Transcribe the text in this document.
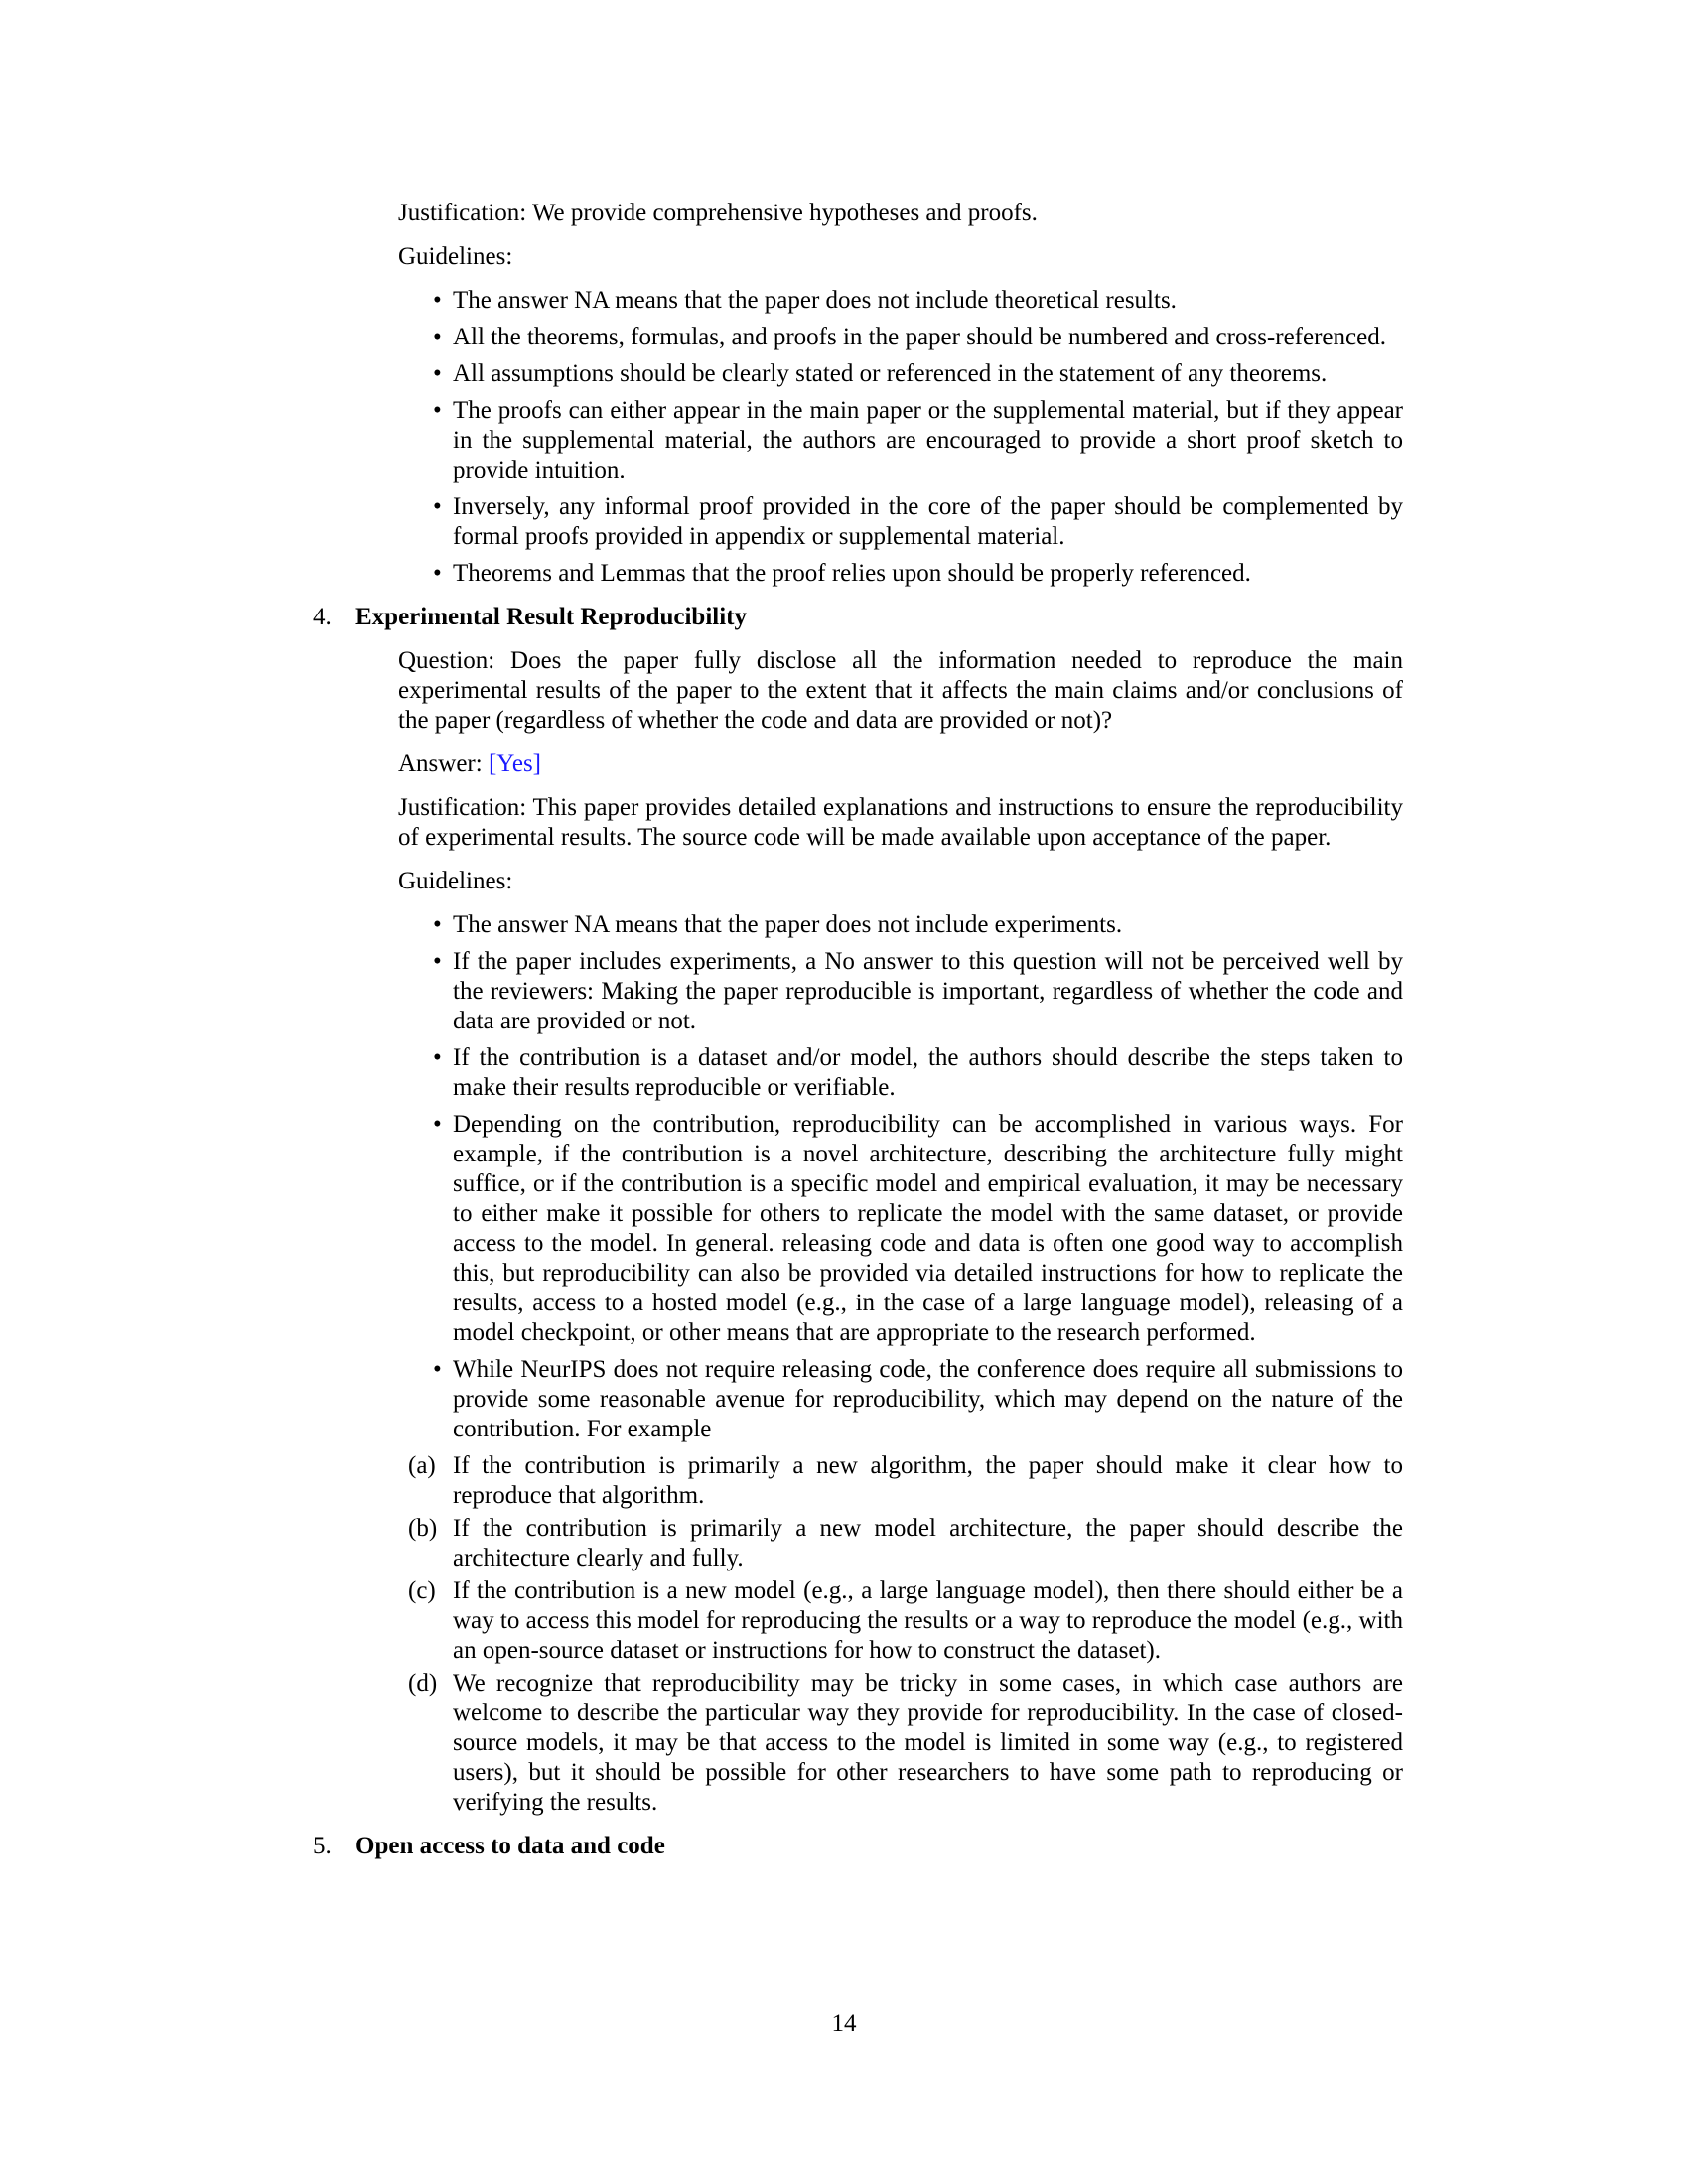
Justification: We provide comprehensive hypotheses and proofs.

Guidelines:

• The answer NA means that the paper does not include theoretical results.
• All the theorems, formulas, and proofs in the paper should be numbered and cross-referenced.
• All assumptions should be clearly stated or referenced in the statement of any theorems.
• The proofs can either appear in the main paper or the supplemental material, but if they appear in the supplemental material, the authors are encouraged to provide a short proof sketch to provide intuition.
• Inversely, any informal proof provided in the core of the paper should be complemented by formal proofs provided in appendix or supplemental material.
• Theorems and Lemmas that the proof relies upon should be properly referenced.
4. Experimental Result Reproducibility

Question: Does the paper fully disclose all the information needed to reproduce the main experimental results of the paper to the extent that it affects the main claims and/or conclusions of the paper (regardless of whether the code and data are provided or not)?

Answer: [Yes]

Justification: This paper provides detailed explanations and instructions to ensure the reproducibility of experimental results. The source code will be made available upon acceptance of the paper.

Guidelines:

• The answer NA means that the paper does not include experiments.
• If the paper includes experiments, a No answer to this question will not be perceived well by the reviewers: Making the paper reproducible is important, regardless of whether the code and data are provided or not.
• If the contribution is a dataset and/or model, the authors should describe the steps taken to make their results reproducible or verifiable.
• Depending on the contribution, reproducibility can be accomplished in various ways. For example, if the contribution is a novel architecture, describing the architecture fully might suffice, or if the contribution is a specific model and empirical evaluation, it may be necessary to either make it possible for others to replicate the model with the same dataset, or provide access to the model. In general. releasing code and data is often one good way to accomplish this, but reproducibility can also be provided via detailed instructions for how to replicate the results, access to a hosted model (e.g., in the case of a large language model), releasing of a model checkpoint, or other means that are appropriate to the research performed.
• While NeurIPS does not require releasing code, the conference does require all submissions to provide some reasonable avenue for reproducibility, which may depend on the nature of the contribution. For example
(a) If the contribution is primarily a new algorithm, the paper should make it clear how to reproduce that algorithm.
(b) If the contribution is primarily a new model architecture, the paper should describe the architecture clearly and fully.
(c) If the contribution is a new model (e.g., a large language model), then there should either be a way to access this model for reproducing the results or a way to reproduce the model (e.g., with an open-source dataset or instructions for how to construct the dataset).
(d) We recognize that reproducibility may be tricky in some cases, in which case authors are welcome to describe the particular way they provide for reproducibility. In the case of closed-source models, it may be that access to the model is limited in some way (e.g., to registered users), but it should be possible for other researchers to have some path to reproducing or verifying the results.
5. Open access to data and code
14
